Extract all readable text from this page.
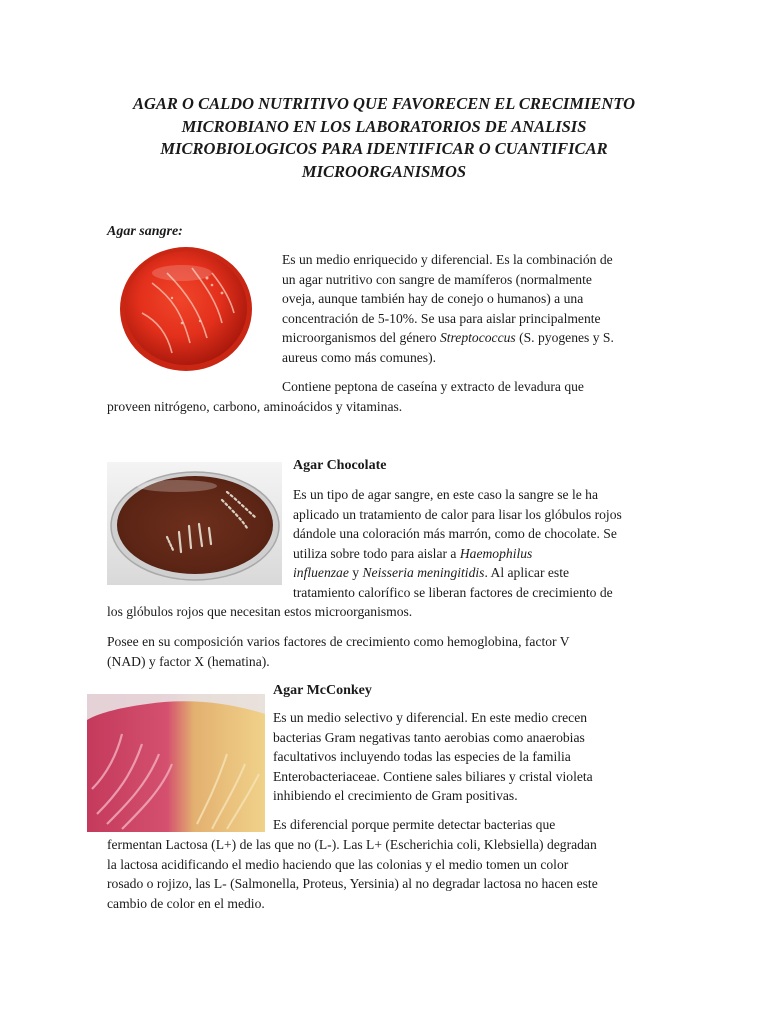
AGAR O CALDO NUTRITIVO QUE FAVORECEN EL CRECIMIENTO
MICROBIANO EN LOS LABORATORIOS DE ANALISIS
MICROBIOLOGICOS PARA IDENTIFICAR O CUANTIFICAR
MICROORGANISMOS
Agar sangre:
Es un medio enriquecido y diferencial. Es la combinación de
un agar nutritivo con sangre de mamíferos (normalmente
oveja, aunque también hay de conejo o humanos) a una
concentración de 5-10%. Se usa para aislar principalmente
microorganismos del género Streptococcus (S. pyogenes y S.
aureus como más comunes).
Contiene peptona de caseína y extracto de levadura que
proveen nitrógeno, carbono, aminoácidos y vitaminas.
Agar Chocolate
Es un tipo de agar sangre, en este caso la sangre se le ha
aplicado un tratamiento de calor para lisar los glóbulos rojos
dándole una coloración más marrón, como de chocolate. Se
utiliza sobre todo para aislar a Haemophilus
influenzae y Neisseria meningitidis. Al aplicar este
tratamiento calorífico se liberan factores de crecimiento de
los glóbulos rojos que necesitan estos microorganismos.
Posee en su composición varios factores de crecimiento como hemoglobina, factor V
(NAD) y factor X (hematina).
Agar McConkey
Es un medio selectivo y diferencial. En este medio crecen
bacterias Gram negativas tanto aerobias como anaerobias
facultativos incluyendo todas las especies de la familia
Enterobacteriaceae. Contiene sales biliares y cristal violeta
inhibiendo el crecimiento de Gram positivas.
Es diferencial porque permite detectar bacterias que
fermentan Lactosa (L+) de las que no (L-). Las L+ (Escherichia coli, Klebsiella) degradan
la lactosa acidificando el medio haciendo que las colonias y el medio tomen un color
rosado o rojizo, las L- (Salmonella, Proteus, Yersinia) al no degradar lactosa no hacen este
cambio de color en el medio.
